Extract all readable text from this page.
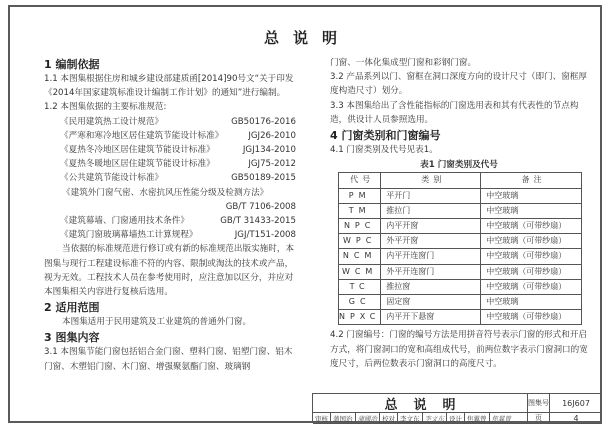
总说明
1 编制依据

1.1 本图集根据住房和城乡建设部建质函[2014]90号文“关于印发《2014年国家建筑标准设计编制工作计划》的通知”进行编制。

1.2 本图集依据的主要标准规范:

《民用建筑热工设计规范》	GB50176-2016
《严寒和寒冷地区居住建筑节能设计标准》	JGJ26-2010
《夏热冬冷地区居住建筑节能设计标准》	JGJ134-2010
《夏热冬暖地区居住建筑节能设计标准》	JGJ75-2012
《公共建筑节能设计标准》	GB50189-2015
《建筑外门窗气密、水密抗风压性能分级及检测方法》
GB/T 7106-2008
《建筑幕墙、门窗通用技术条件》	GB/T 31433-2015
《建筑门窗玻璃幕墙热工计算规程》	JGJ/T151-2008

当依据的标准规范进行修订或有新的标准规范出版实施时，本图集与现行工程建设标准不符的内容、限制或淘汰的技术或产品，视为无效。工程技术人员在参考使用时，应注意加以区分，并应对本图集相关内容进行复核后选用。

2 适用范围

本图集适用于民用建筑及工业建筑的普通外门窗。

3 图集内容

3.1 本图集节能门窗包括铝合金门窗、塑料门窗、铝塑门窗、铝木门窗、木塑铝门窗、木门窗、增强聚氨酯门窗、玻璃钢

门窗、一体化集成型门窗和彩钢门窗。

3.2 产品系列以门、窗框在洞口深度方向的设计尺寸（即门、窗框厚度构造尺寸）划分。

3.3 本图集给出了含性能指标的门窗选用表和其有代表性的节点构造，供设计人员参照选用。

4 门窗类别和门窗编号

4.1 门窗类别及代号见表1。

表1 门窗类别及代号
代号	类别	备注
PM	平开门	中空玻璃
TM	推拉门	中空玻璃
NPC	内平开窗	中空玻璃（可带纱扇）
WPC	外平开窗	中空玻璃（可带纱扇）
NCM	内平开连窗门	中空玻璃（可带纱扇）
WCM	外平开连窗门	中空玻璃（可带纱扇）
TC	推拉窗	中空玻璃（可带纱扇）
GC	固定窗	中空玻璃
NPXC	内平开下悬窗	中空玻璃（可带纱扇）

4.2 门窗编号：门窗的编号方法是用拼音符号表示门窗的形式和开启方式，将门窗洞口的宽和高组成代号，前两位数字表示门窗洞口的宽度尺寸，后两位数表示门窗洞口的高度尺寸。

总说明	图集号	16J607
审核 蒲国治 蒲國治 校对 李文东 李文东 设计 焦翼曾 焦翼曾	页	4
